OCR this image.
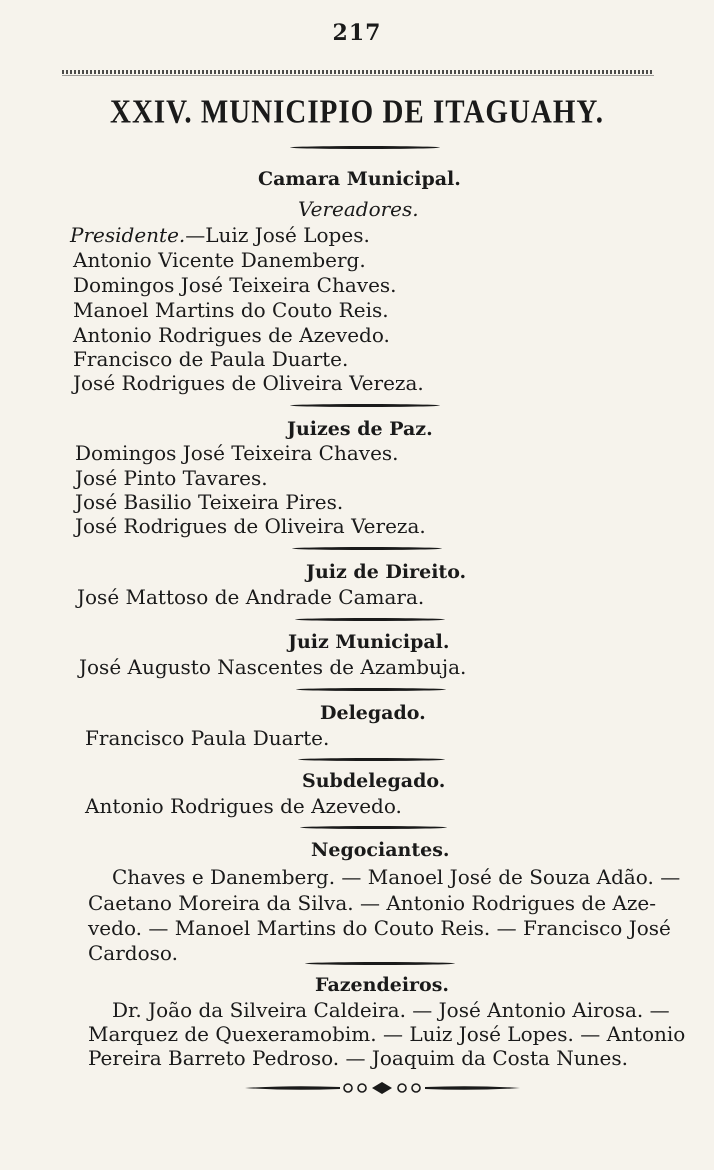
217
XXIV. MUNICIPIO DE ITAGUAHY.
Camara Municipal.
Vereadores.
Presidente.—Luiz José Lopes.
Antonio Vicente Danemberg.
Domingos José Teixeira Chaves.
Manoel Martins do Couto Reis.
Antonio Rodrigues de Azevedo.
Francisco de Paula Duarte.
José Rodrigues de Oliveira Vereza.
Juizes de Paz.
Domingos José Teixeira Chaves.
José Pinto Tavares.
José Basilio Teixeira Pires.
José Rodrigues de Oliveira Vereza.
Juiz de Direito.
José Mattoso de Andrade Camara.
Juiz Municipal.
José Augusto Nascentes de Azambuja.
Delegado.
Francisco Paula Duarte.
Subdelegado.
Antonio Rodrigues de Azevedo.
Negociantes.
Chaves e Danemberg. — Manoel José de Souza Adão. —
Caetano Moreira da Silva. — Antonio Rodrigues de Aze-
vedo. — Manoel Martins do Couto Reis. — Francisco José
Cardoso.
Fazendeiros.
Dr. João da Silveira Caldeira. — José Antonio Airosa. —
Marquez de Quexeramobim. — Luiz José Lopes. — Antonio
Pereira Barreto Pedroso. — Joaquim da Costa Nunes.
